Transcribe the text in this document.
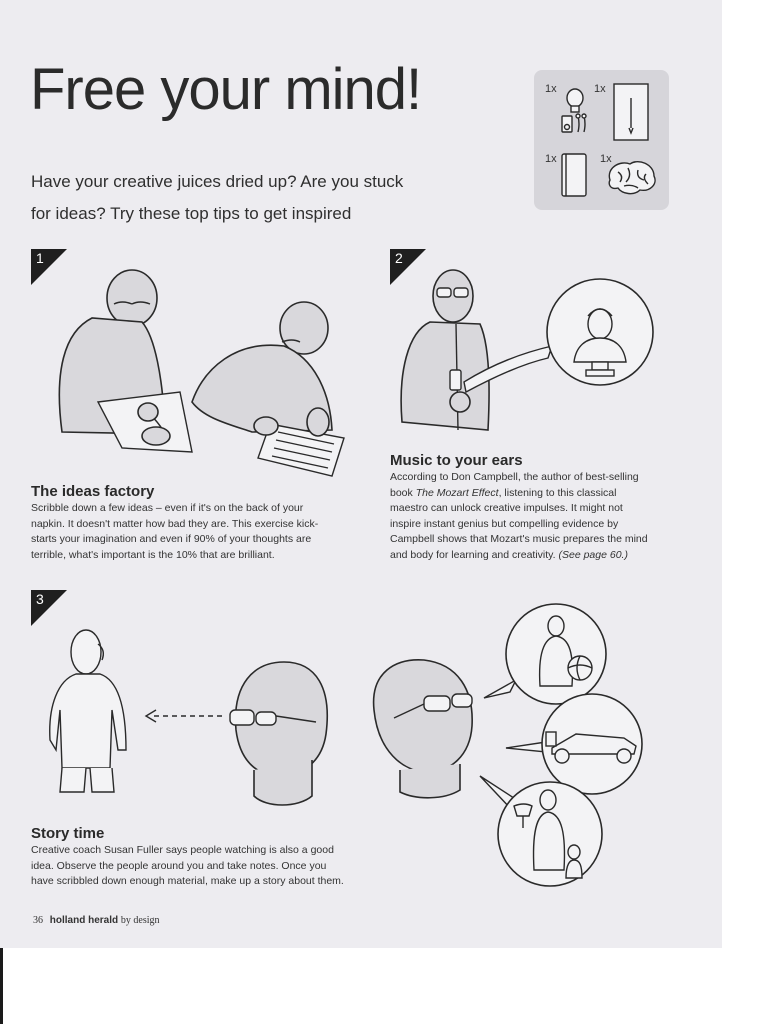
Free your mind!

Have your creative juices dried up? Are you stuck
for ideas? Try these top tips to get inspired

1x	1x
1x	1x
1
The ideas factory

Scribble down a few ideas – even if it's on the back of your
napkin. It doesn't matter how bad they are. This exercise kick-
starts your imagination and even if 90% of your thoughts are
terrible, what's important is the 10% that are brilliant.

2
Music to your ears

According to Don Campbell, the author of best-selling
book The Mozart Effect, listening to this classical
maestro can unlock creative impulses. It might not
inspire instant genius but compelling evidence by
Campbell shows that Mozart's music prepares the mind
and body for learning and creativity. (See page 60.)

3
Story time

Creative coach Susan Fuller says people watching is also a good
idea. Observe the people around you and take notes. Once you
have scribbled down enough material, make up a story about them.

36 holland herald by design
